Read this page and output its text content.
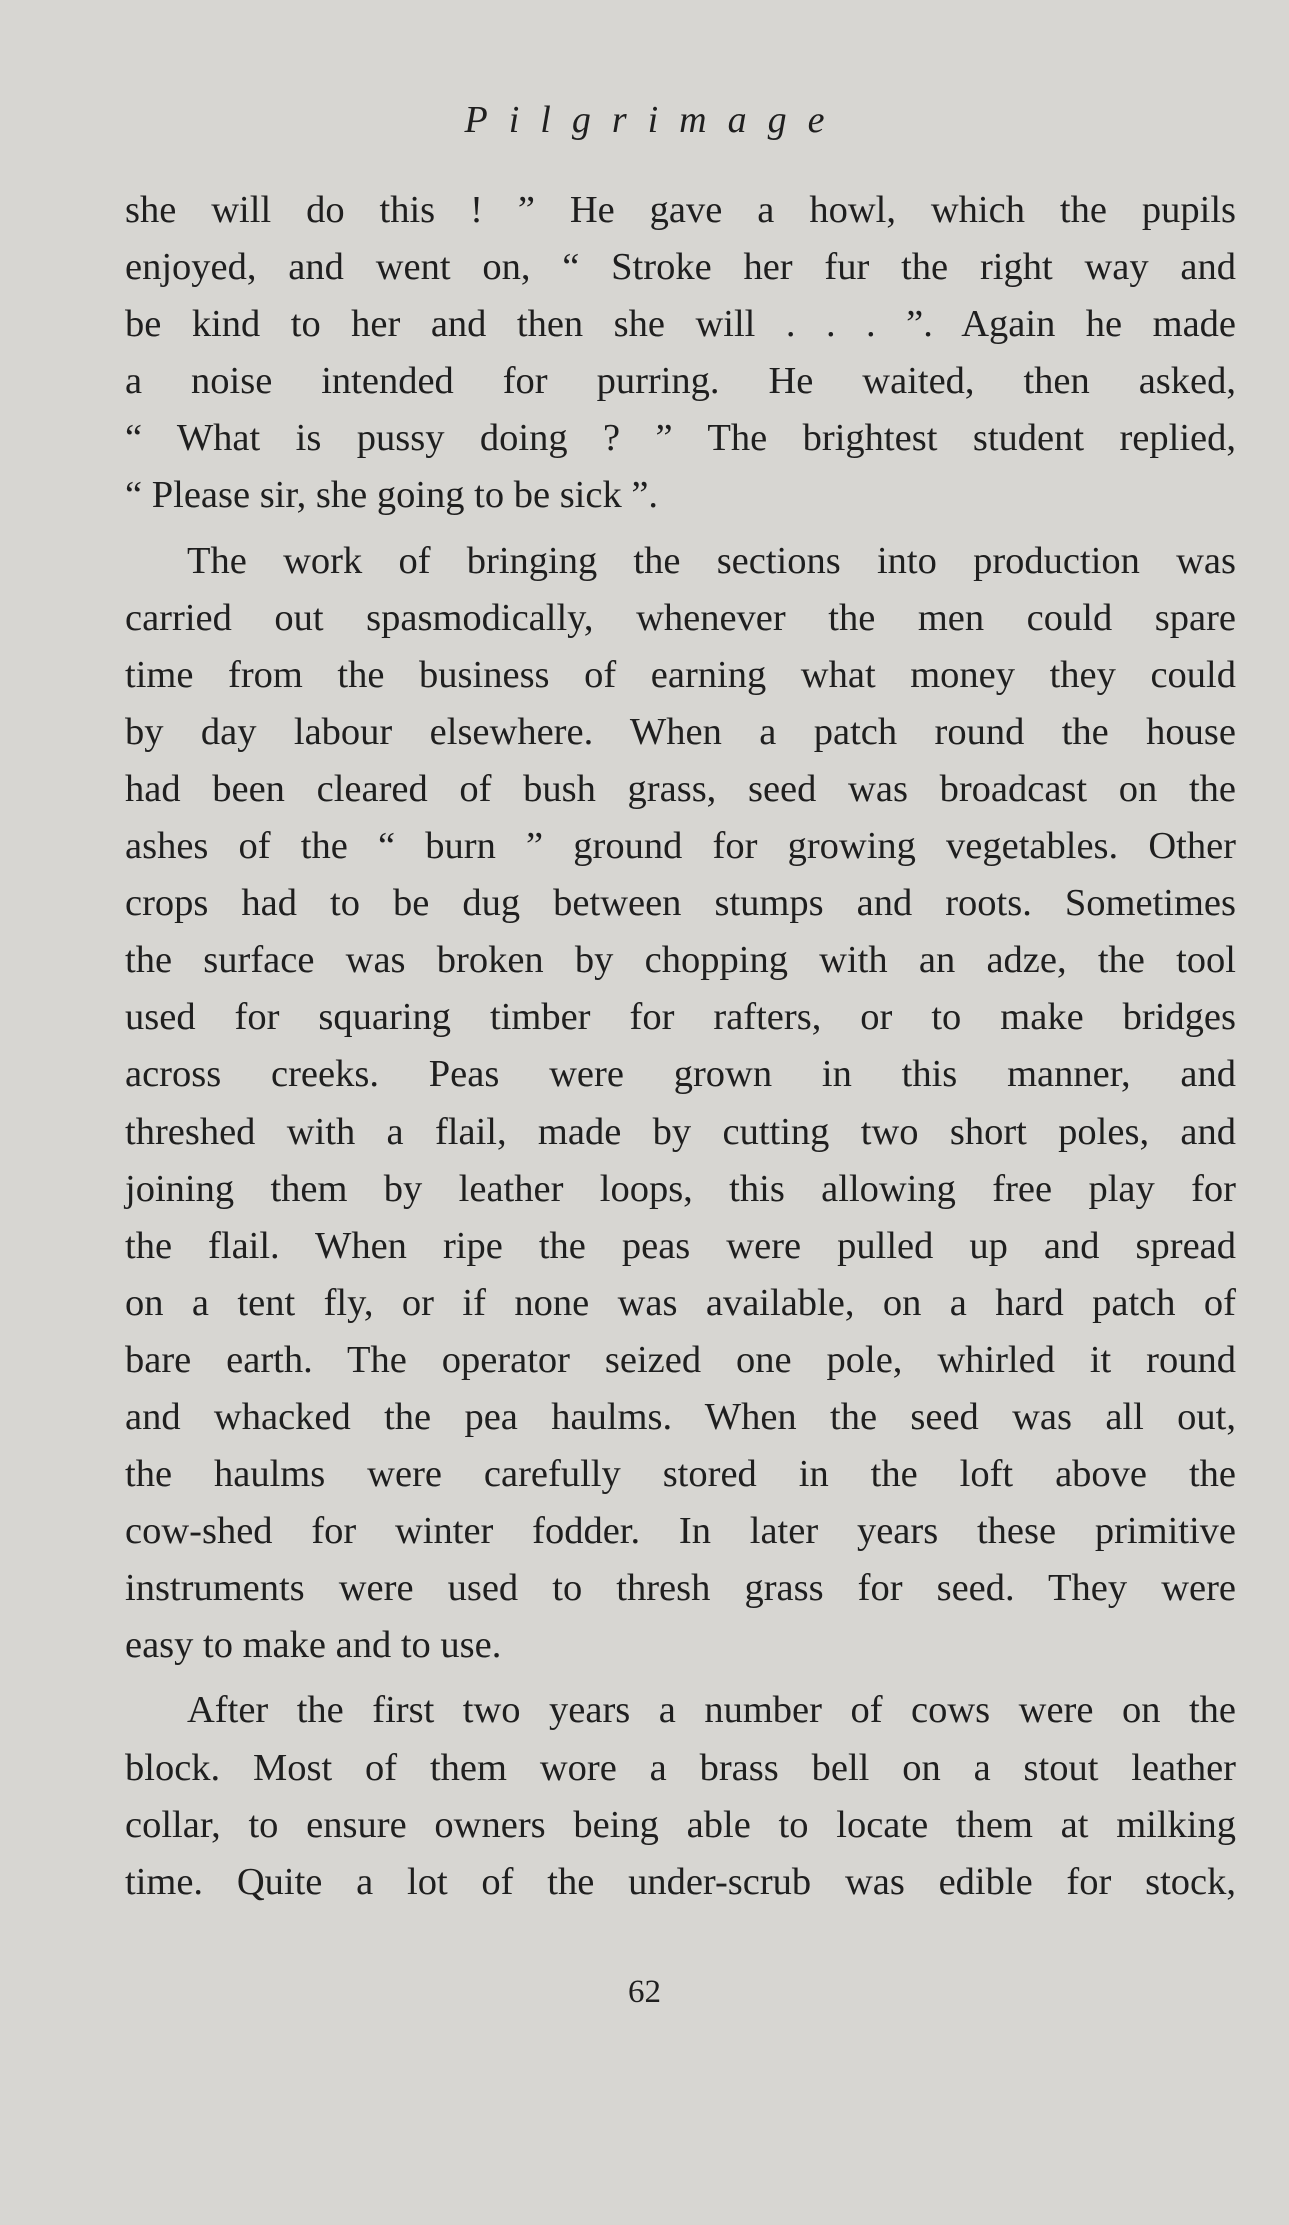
Pilgrimage
she will do this ! ” He gave a howl, which the pupils
enjoyed, and went on, “ Stroke her fur the right way and
be kind to her and then she will . . . ”. Again he made
a noise intended for purring. He waited, then asked,
“ What is pussy doing ? ” The brightest student replied,
“ Please sir, she going to be sick ”.
The work of bringing the sections into production was
carried out spasmodically, whenever the men could spare
time from the business of earning what money they could
by day labour elsewhere. When a patch round the house
had been cleared of bush grass, seed was broadcast on the
ashes of the “ burn ” ground for growing vegetables. Other
crops had to be dug between stumps and roots. Sometimes
the surface was broken by chopping with an adze, the tool
used for squaring timber for rafters, or to make bridges
across creeks. Peas were grown in this manner, and
threshed with a flail, made by cutting two short poles, and
joining them by leather loops, this allowing free play for
the flail. When ripe the peas were pulled up and spread
on a tent fly, or if none was available, on a hard patch of
bare earth. The operator seized one pole, whirled it round
and whacked the pea haulms. When the seed was all out,
the haulms were carefully stored in the loft above the
cow-shed for winter fodder. In later years these primitive
instruments were used to thresh grass for seed. They were
easy to make and to use.
After the first two years a number of cows were on the
block. Most of them wore a brass bell on a stout leather
collar, to ensure owners being able to locate them at milking
time. Quite a lot of the under-scrub was edible for stock,
62
